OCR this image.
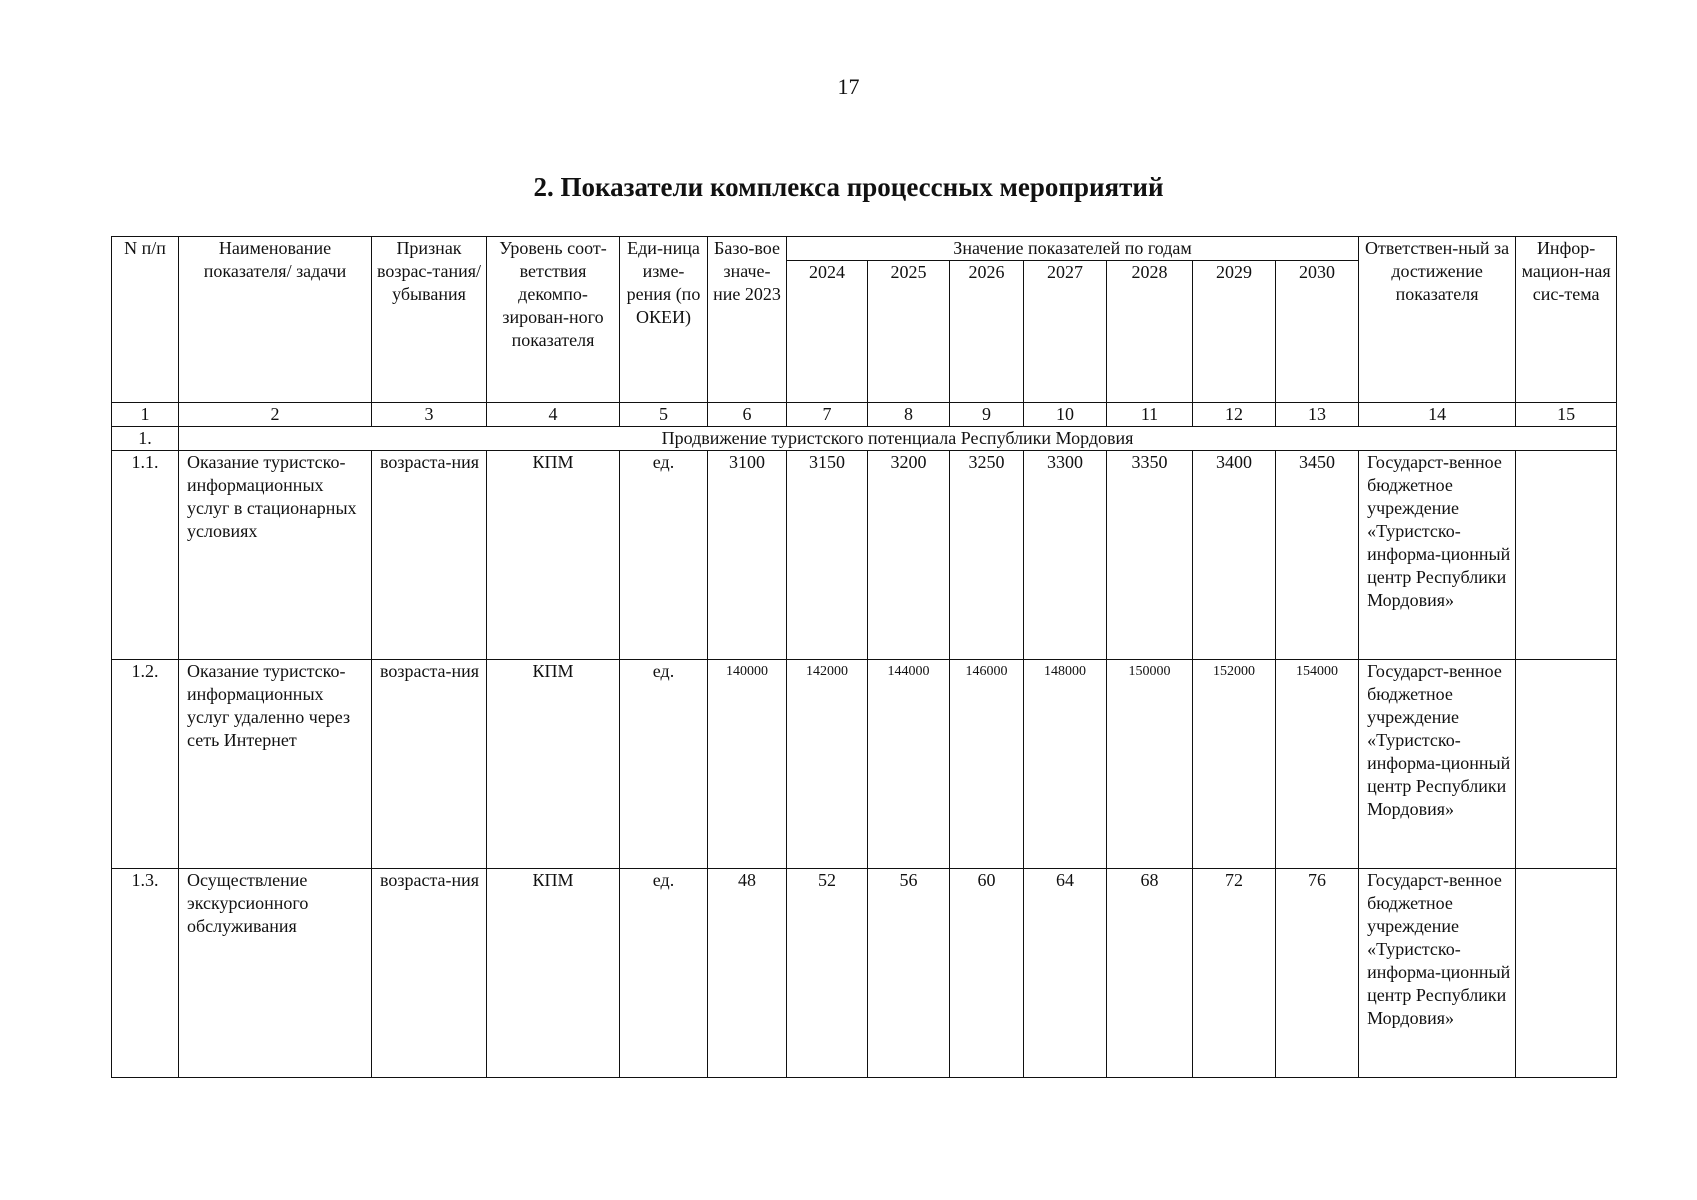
17
2. Показатели комплекса процессных мероприятий
N п/п	Наименование показателя/ задачи	Признак возрас-тания/ убывания	Уровень соот-ветствия декомпо-зирован-ного показателя	Еди-ница изме-рения (по ОКЕИ)	Базо-вое значе-ние 2023	Значение показателей по годам							Ответствен-ный за достижение показателя	Инфор-мацион-ная сис-тема
						2024	2025	2026	2027	2028	2029	2030		
1	2	3	4	5	6	7	8	9	10	11	12	13	14	15
1.	Продвижение туристского потенциала Республики Мордовия													
1.1.	Оказание туристско-информационных услуг в стационарных условиях	возраста-ния	КПМ	ед.	3100	3150	3200	3250	3300	3350	3400	3450	Государст-венное бюджетное учреждение «Туристско-информа-ционный центр Республики Мордовия»	
1.2.	Оказание туристско-информационных услуг удаленно через сеть Интернет	возраста-ния	КПМ	ед.	140000	142000	144000	146000	148000	150000	152000	154000	Государст-венное бюджетное учреждение «Туристско-информа-ционный центр Республики Мордовия»	
1.3.	Осуществление экскурсионного обслуживания	возраста-ния	КПМ	ед.	48	52	56	60	64	68	72	76	Государст-венное бюджетное учреждение «Туристско-информа-ционный центр Республики Мордовия»	
